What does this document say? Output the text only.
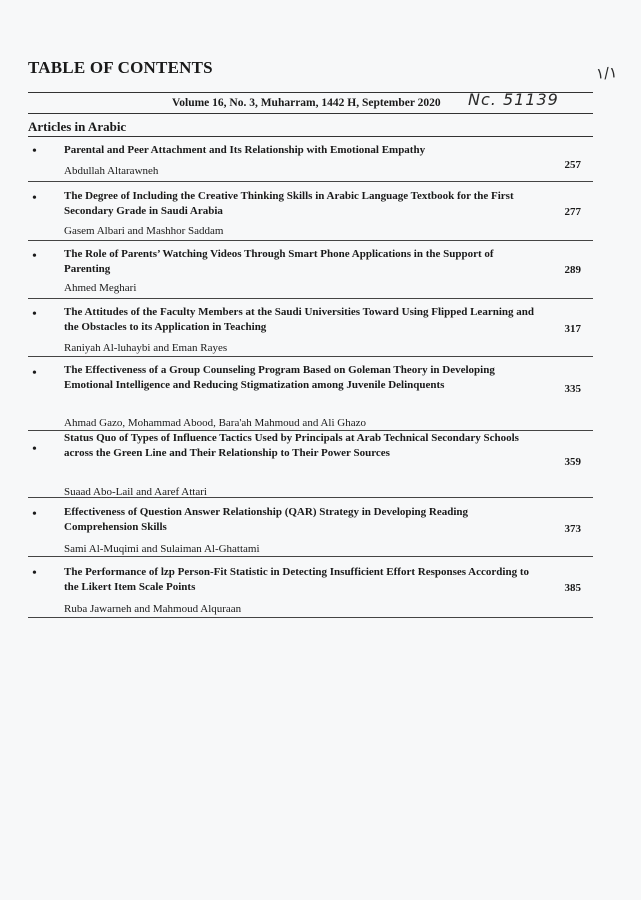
TABLE OF CONTENTS	١/١
Volume 16, No. 3, Muharram, 1442 H, September 2020 Nc. 51139
Articles in Arabic
• Parental and Peer Attachment and Its Relationship with Emotional Empathy
Abdullah Altarawneh	257
• The Degree of Including the Creative Thinking Skills in Arabic Language Textbook for the First Secondary Grade in Saudi Arabia
Gasem Albari and Mashhor Saddam
277
• The Role of Parents’ Watching Videos Through Smart Phone Applications in the Support of Parenting
Ahmed Meghari
289
• The Attitudes of the Faculty Members at the Saudi Universities Toward Using Flipped Learning and the Obstacles to its Application in Teaching
Raniyah Al-luhaybi and Eman Rayes
317
• The Effectiveness of a Group Counseling Program Based on Goleman Theory in Developing Emotional Intelligence and Reducing Stigmatization among Juvenile Delinquents
Ahmad Gazo, Mohammad Abood, Bara'ah Mahmoud and Ali Ghazo
335
•
Status Quo of Types of Influence Tactics Used by Principals at Arab Technical Secondary Schools across the Green Line and Their Relationship to Their Power Sources
Suaad Abo-Lail and Aaref Attari
359
• Effectiveness of Question Answer Relationship (QAR) Strategy in Developing Reading Comprehension Skills
Sami Al-Muqimi and Sulaiman Al-Ghattami
373
• The Performance of lzp Person-Fit Statistic in Detecting Insufficient Effort Responses According to the Likert Item Scale Points
Ruba Jawarneh and Mahmoud Alquraan
385
